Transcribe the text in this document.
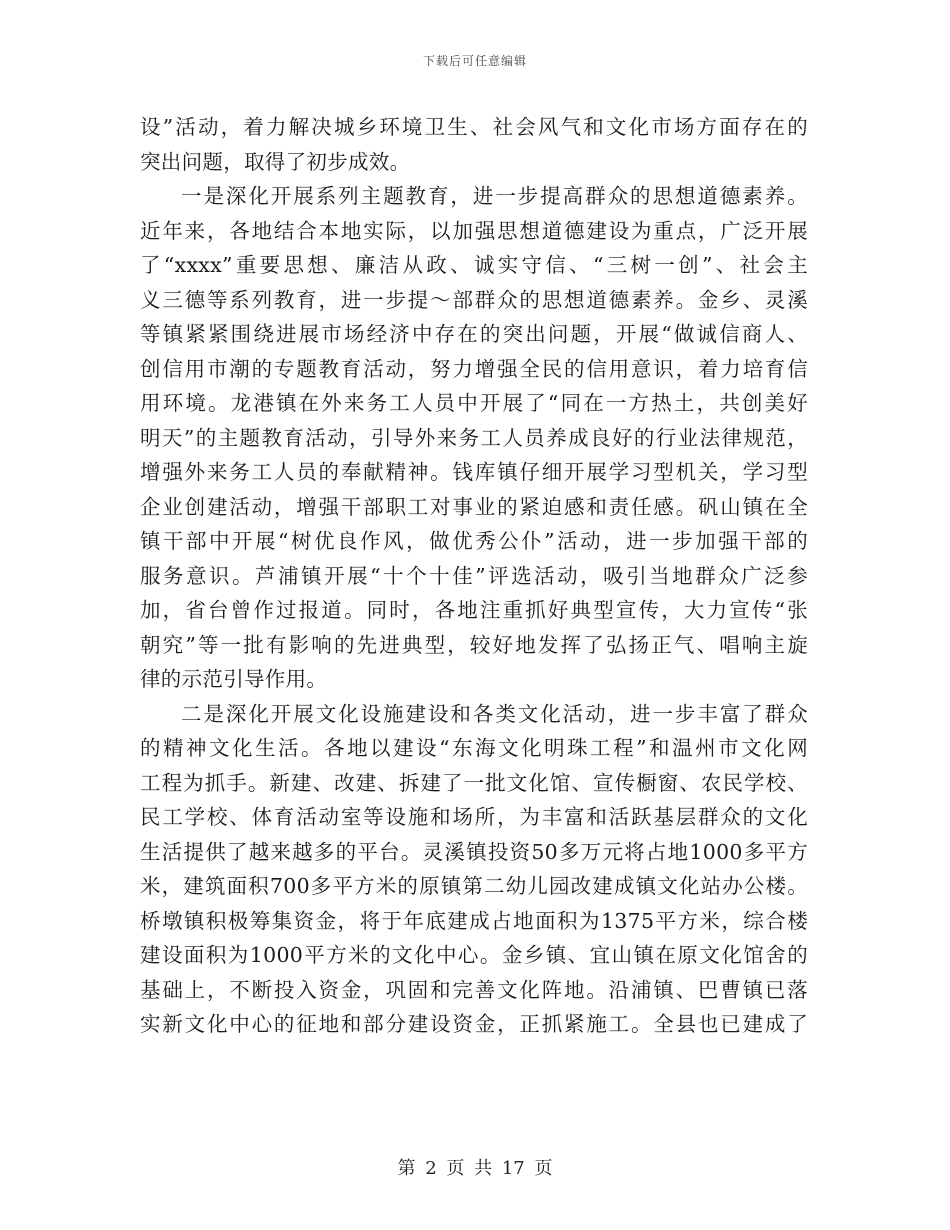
下载后可任意编辑
设”活动，着力解决城乡环境卫生、社会风气和文化市场方面存在的
突出问题，取得了初步成效。
一是深化开展系列主题教育，进一步提高群众的思想道德素养。
近年来，各地结合本地实际，以加强思想道德建设为重点，广泛开展
了“xxxx”重要思想、廉洁从政、诚实守信、“三树一创”、社会主
义三德等系列教育，进一步提～部群众的思想道德素养。金乡、灵溪
等镇紧紧围绕进展市场经济中存在的突出问题，开展“做诚信商人、
创信用市潮的专题教育活动，努力增强全民的信用意识，着力培育信
用环境。龙港镇在外来务工人员中开展了“同在一方热土，共创美好
明天”的主题教育活动，引导外来务工人员养成良好的行业法律规范，
增强外来务工人员的奉献精神。钱库镇仔细开展学习型机关，学习型
企业创建活动，增强干部职工对事业的紧迫感和责任感。矾山镇在全
镇干部中开展“树优良作风，做优秀公仆”活动，进一步加强干部的
服务意识。芦浦镇开展“十个十佳”评选活动，吸引当地群众广泛参
加，省台曾作过报道。同时，各地注重抓好典型宣传，大力宣传“张
朝究”等一批有影响的先进典型，较好地发挥了弘扬正气、唱响主旋
律的示范引导作用。
二是深化开展文化设施建设和各类文化活动，进一步丰富了群众
的精神文化生活。各地以建设“东海文化明珠工程”和温州市文化网
工程为抓手。新建、改建、拆建了一批文化馆、宣传橱窗、农民学校、
民工学校、体育活动室等设施和场所，为丰富和活跃基层群众的文化
生活提供了越来越多的平台。灵溪镇投资50多万元将占地1000多平方
米，建筑面积700多平方米的原镇第二幼儿园改建成镇文化站办公楼。
桥墩镇积极筹集资金，将于年底建成占地面积为1375平方米，综合楼
建设面积为1000平方米的文化中心。金乡镇、宜山镇在原文化馆舍的
基础上，不断投入资金，巩固和完善文化阵地。沿浦镇、巴曹镇已落
实新文化中心的征地和部分建设资金，正抓紧施工。全县也已建成了
第 2 页 共 17 页
